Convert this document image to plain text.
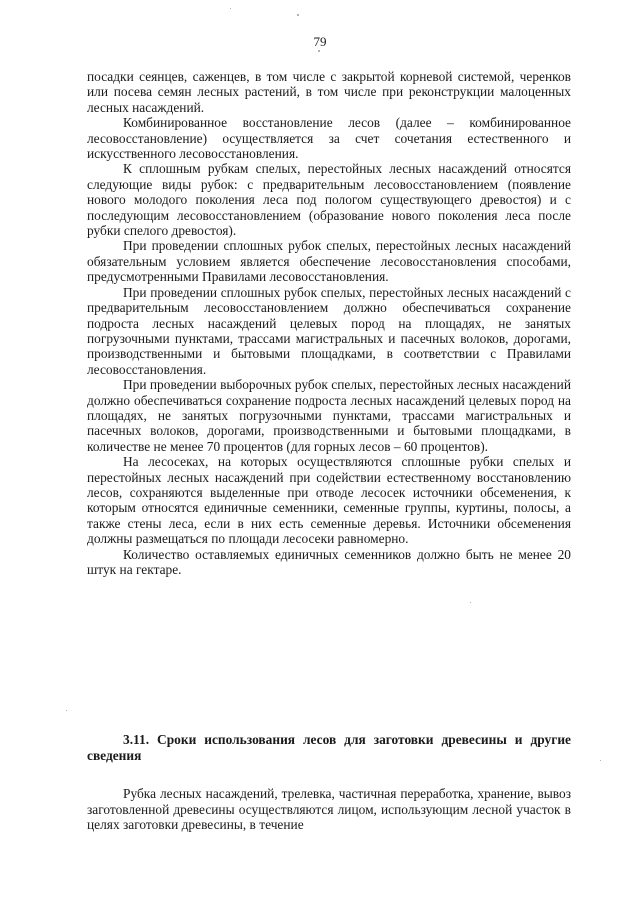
79

посадки сеянцев, саженцев, в том числе с закрытой корневой системой, черенков или посева семян лесных растений, в том числе при реконструкции малоценных лесных насаждений.

Комбинированное восстановление лесов (далее – комбинированное лесовосстановление) осуществляется за счет сочетания естественного и искусственного лесовосстановления.

К сплошным рубкам спелых, перестойных лесных насаждений относятся следующие виды рубок: с предварительным лесовосстановлением (появление нового молодого поколения леса под пологом существующего древостоя) и с последующим лесовосстановлением (образование нового поколения леса после рубки спелого древостоя).

При проведении сплошных рубок спелых, перестойных лесных насаждений обязательным условием является обеспечение лесовосстановления способами, предусмотренными Правилами лесовосстановления.

При проведении сплошных рубок спелых, перестойных лесных насаждений с предварительным лесовосстановлением должно обеспечиваться сохранение подроста лесных насаждений целевых пород на площадях, не занятых погрузочными пунктами, трассами магистральных и пасечных волоков, дорогами, производственными и бытовыми площадками, в соответствии с Правилами лесовосстановления.

При проведении выборочных рубок спелых, перестойных лесных насаждений должно обеспечиваться сохранение подроста лесных насаждений целевых пород на площадях, не занятых погрузочными пунктами, трассами магистральных и пасечных волоков, дорогами, производственными и бытовыми площадками, в количестве не менее 70 процентов (для горных лесов – 60 процентов).

На лесосеках, на которых осуществляются сплошные рубки спелых и перестойных лесных насаждений при содействии естественному восстановлению лесов, сохраняются выделенные при отводе лесосек источники обсеменения, к которым относятся единичные семенники, семенные группы, куртины, полосы, а также стены леса, если в них есть семенные деревья. Источники обсеменения должны размещаться по площади лесосеки равномерно.

Количество оставляемых единичных семенников должно быть не менее 20 штук на гектаре.

3.11. Сроки использования лесов для заготовки древесины и другие сведения

Рубка лесных насаждений, трелевка, частичная переработка, хранение, вывоз заготовленной древесины осуществляются лицом, использующим лесной участок в целях заготовки древесины, в течение
